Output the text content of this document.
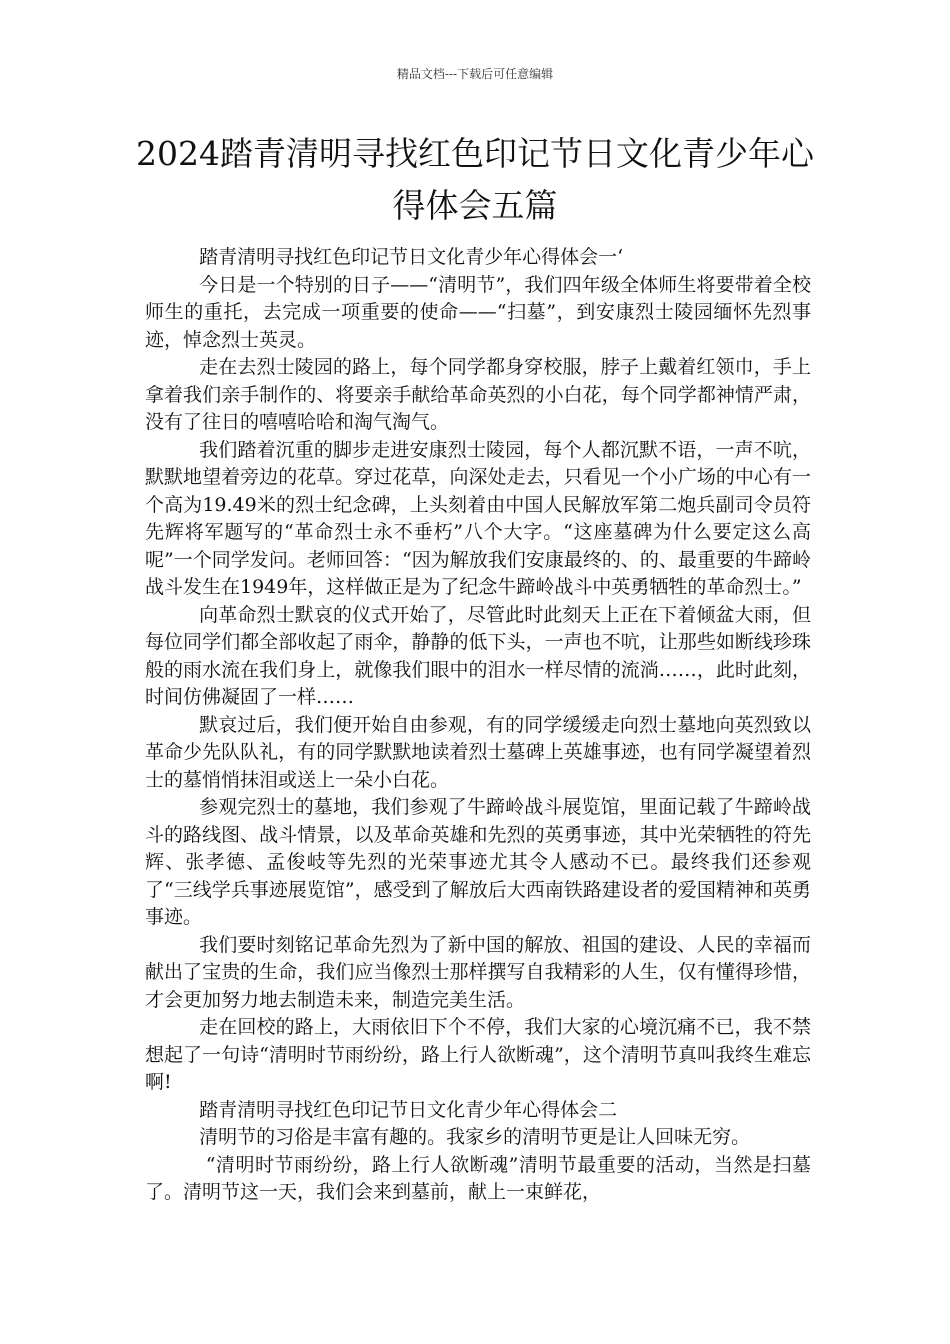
精品文档---下载后可任意编辑
2024踏青清明寻找红色印记节日文化青少年心得体会五篇

踏青清明寻找红色印记节日文化青少年心得体会一‘

今日是一个特别的日子——“清明节”，我们四年级全体师生将要带着全校师生的重托，去完成一项重要的使命——“扫墓”，到安康烈士陵园缅怀先烈事迹，悼念烈士英灵。

走在去烈士陵园的路上，每个同学都身穿校服，脖子上戴着红领巾，手上拿着我们亲手制作的、将要亲手献给革命英烈的小白花，每个同学都神情严肃，没有了往日的嘻嘻哈哈和淘气淘气。

我们踏着沉重的脚步走进安康烈士陵园，每个人都沉默不语，一声不吭，默默地望着旁边的花草。穿过花草，向深处走去，只看见一个小广场的中心有一个高为19.49米的烈士纪念碑，上头刻着由中国人民解放军第二炮兵副司令员符先辉将军题写的“革命烈士永不垂朽”八个大字。“这座墓碑为什么要定这么高呢”一个同学发问。老师回答：“因为解放我们安康最终的、的、最重要的牛蹄岭战斗发生在1949年，这样做正是为了纪念牛蹄岭战斗中英勇牺牲的革命烈士。”

向革命烈士默哀的仪式开始了，尽管此时此刻天上正在下着倾盆大雨，但每位同学们都全部收起了雨伞，静静的低下头，一声也不吭，让那些如断线珍珠般的雨水流在我们身上，就像我们眼中的泪水一样尽情的流淌……，此时此刻，时间仿佛凝固了一样……

默哀过后，我们便开始自由参观，有的同学缓缓走向烈士墓地向英烈致以革命少先队队礼，有的同学默默地读着烈士墓碑上英雄事迹，也有同学凝望着烈士的墓悄悄抹泪或送上一朵小白花。

参观完烈士的墓地，我们参观了牛蹄岭战斗展览馆，里面记载了牛蹄岭战斗的路线图、战斗情景，以及革命英雄和先烈的英勇事迹，其中光荣牺牲的符先辉、张孝德、孟俊岐等先烈的光荣事迹尤其令人感动不已。最终我们还参观了“三线学兵事迹展览馆”，感受到了解放后大西南铁路建设者的爱国精神和英勇事迹。

我们要时刻铭记革命先烈为了新中国的解放、祖国的建设、人民的幸福而献出了宝贵的生命，我们应当像烈士那样撰写自我精彩的人生，仅有懂得珍惜，才会更加努力地去制造未来，制造完美生活。

走在回校的路上，大雨依旧下个不停，我们大家的心境沉痛不已，我不禁想起了一句诗“清明时节雨纷纷，路上行人欲断魂”，这个清明节真叫我终生难忘啊!

踏青清明寻找红色印记节日文化青少年心得体会二

清明节的习俗是丰富有趣的。我家乡的清明节更是让人回味无穷。

“清明时节雨纷纷，路上行人欲断魂”清明节最重要的活动，当然是扫墓了。清明节这一天，我们会来到墓前，献上一束鲜花，
